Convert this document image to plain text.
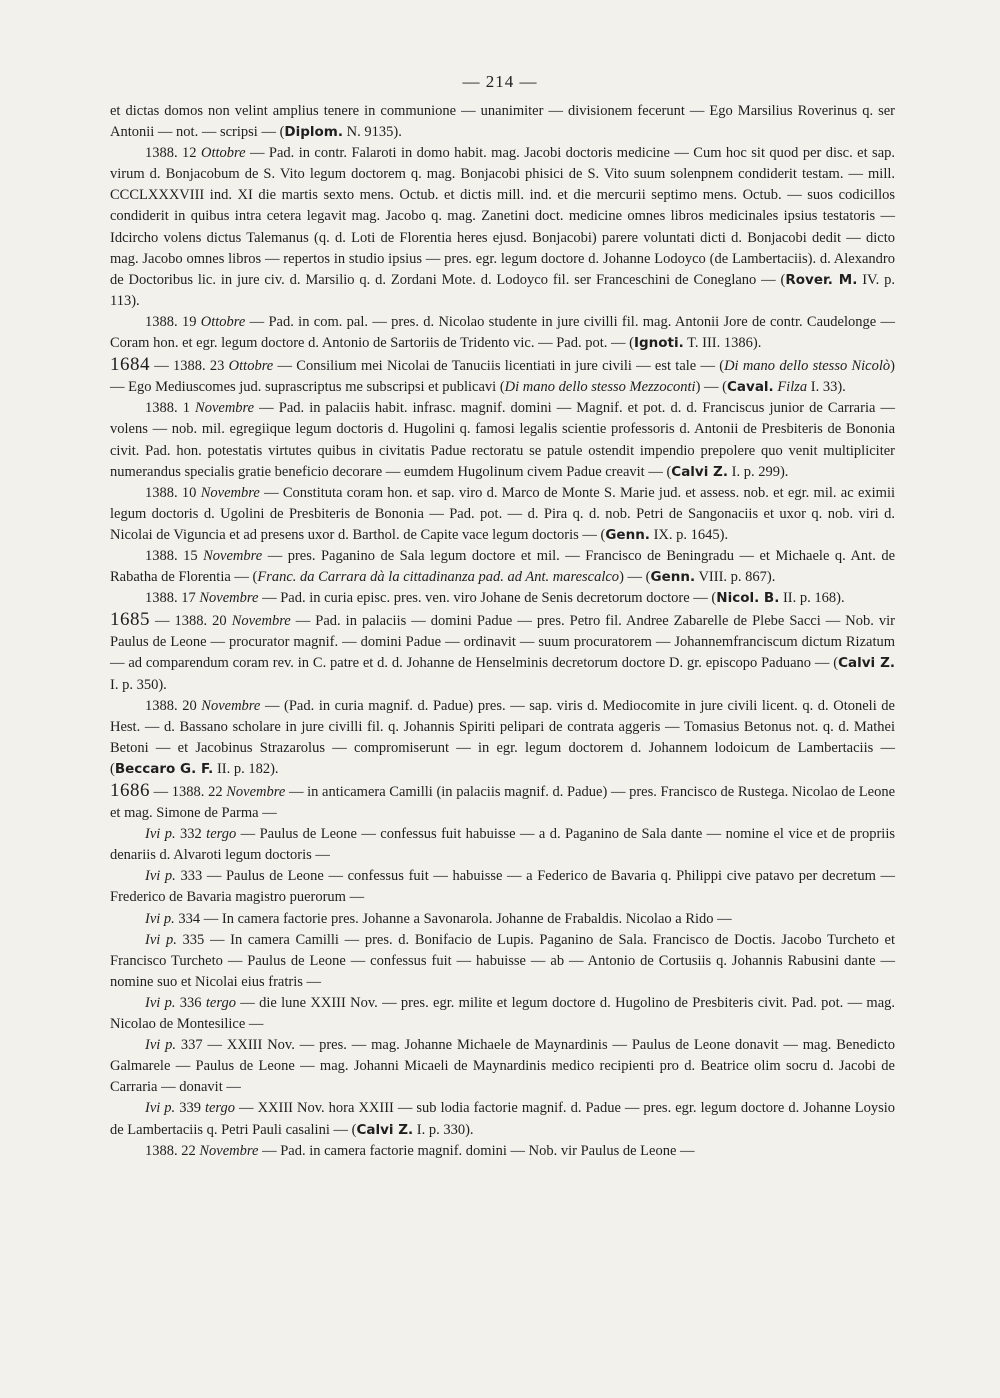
— 214 —

et dictas domos non velint amplius tenere in communione — unanimiter — divisionem fecerunt — Ego Marsilius Roverinus q. ser Antonii — not. — scripsi — (Diplom. N. 9135).

1388. 12 Ottobre — Pad. in contr. Falaroti in domo habit. mag. Jacobi doctoris medicine — Cum hoc sit quod per disc. et sap. virum d. Bonjacobum de S. Vito legum doctorem q. mag. Bonjacobi phisici de S. Vito suum solenpnem condiderit testam. — mill. CCCLXXXVIII ind. XI die martis sexto mens. Octub. et dictis mill. ind. et die mercurii septimo mens. Octub. — suos codicillos condiderit in quibus intra cetera legavit mag. Jacobo q. mag. Zanetini doct. medicine omnes libros medicinales ipsius testatoris — Idcircho volens dictus Talemanus (q. d. Loti de Florentia heres ejusd. Bonjacobi) parere voluntati dicti d. Bonjacobi dedit — dicto mag. Jacobo omnes libros — repertos in studio ipsius — pres. egr. legum doctore d. Johanne Lodoyco (de Lambertaciis). d. Alexandro de Doctoribus lic. in jure civ. d. Marsilio q. d. Zordani Mote. d. Lodoyco fil. ser Franceschini de Coneglano — (Rover. M. IV. p. 113).

1388. 19 Ottobre — Pad. in com. pal. — pres. d. Nicolao studente in jure civilli fil. mag. Antonii Jore de contr. Caudelonge — Coram hon. et egr. legum doctore d. Antonio de Sartoriis de Tridento vic. — Pad. pot. — (Ignoti. T. III. 1386).

1684 — 1388. 23 Ottobre — Consilium mei Nicolai de Tanuciis licentiati in jure civili — est tale — (Di mano dello stesso Nicolò) — Ego Mediuscomes jud. suprascriptus me subscripsi et publicavi (Di mano dello stesso Mezzoconti) — (Caval. Filza I. 33).

1388. 1 Novembre — Pad. in palaciis habit. infrasc. magnif. domini — Magnif. et pot. d. d. Franciscus junior de Carraria — volens — nob. mil. egregiique legum doctoris d. Hugolini q. famosi legalis scientie professoris d. Antonii de Presbiteris de Bononia civit. Pad. hon. potestatis virtutes quibus in civitatis Padue rectoratu se patule ostendit impendio prepolere quo venit multipliciter numerandus specialis gratie beneficio decorare — eumdem Hugolinum civem Padue creavit — (Calvi Z. I. p. 299).

1388. 10 Novembre — Constituta coram hon. et sap. viro d. Marco de Monte S. Marie jud. et assess. nob. et egr. mil. ac eximii legum doctoris d. Ugolini de Presbiteris de Bononia — Pad. pot. — d. Pira q. d. nob. Petri de Sangonaciis et uxor q. nob. viri d. Nicolai de Viguncia et ad presens uxor d. Barthol. de Capite vace legum doctoris — (Genn. IX. p. 1645).

1388. 15 Novembre — pres. Paganino de Sala legum doctore et mil. — Francisco de Beningradu — et Michaele q. Ant. de Rabatha de Florentia — (Franc. da Carrara dà la cittadinanza pad. ad Ant. marescalco) — (Genn. VIII. p. 867).

1388. 17 Novembre — Pad. in curia episc. pres. ven. viro Johane de Senis decretorum doctore — (Nicol. B. II. p. 168).

1685 — 1388. 20 Novembre — Pad. in palaciis — domini Padue — pres. Petro fil. Andree Zabarelle de Plebe Sacci — Nob. vir Paulus de Leone — procurator magnif. — domini Padue — ordinavit — suum procuratorem — Johannemfranciscum dictum Rizatum — ad comparendum coram rev. in C. patre et d. d. Johanne de Henselminis decretorum doctore D. gr. episcopo Paduano — (Calvi Z. I. p. 350).

1388. 20 Novembre — (Pad. in curia magnif. d. Padue) pres. — sap. viris d. Mediocomite in jure civili licent. q. d. Otoneli de Hest. — d. Bassano scholare in jure civilli fil. q. Johannis Spiriti pelipari de contrata aggeris — Tomasius Betonus not. q. d. Mathei Betoni — et Jacobinus Strazarolus — compromiserunt — in egr. legum doctorem d. Johannem lodoicum de Lambertaciis — (Beccaro G. F. II. p. 182).

1686 — 1388. 22 Novembre — in anticamera Camilli (in palaciis magnif. d. Padue) — pres. Francisco de Rustega. Nicolao de Leone et mag. Simone de Parma —

Ivi p. 332 tergo — Paulus de Leone — confessus fuit habuisse — a d. Paganino de Sala dante — nomine el vice et de propriis denariis d. Alvaroti legum doctoris —

Ivi p. 333 — Paulus de Leone — confessus fuit — habuisse — a Federico de Bavaria q. Philippi cive patavo per decretum — Frederico de Bavaria magistro puerorum —

Ivi p. 334 — In camera factorie pres. Johanne a Savonarola. Johanne de Frabaldis. Nicolao a Rido —

Ivi p. 335 — In camera Camilli — pres. d. Bonifacio de Lupis. Paganino de Sala. Francisco de Doctis. Jacobo Turcheto et Francisco Turcheto — Paulus de Leone — confessus fuit — habuisse — ab — Antonio de Cortusiis q. Johannis Rabusini dante — nomine suo et Nicolai eius fratris —

Ivi p. 336 tergo — die lune XXIII Nov. — pres. egr. milite et legum doctore d. Hugolino de Presbiteris civit. Pad. pot. — mag. Nicolao de Montesilice —

Ivi p. 337 — XXIII Nov. — pres. — mag. Johanne Michaele de Maynardinis — Paulus de Leone donavit — mag. Benedicto Galmarele — Paulus de Leone — mag. Johanni Micaeli de Maynardinis medico recipienti pro d. Beatrice olim socru d. Jacobi de Carraria — donavit —

Ivi p. 339 tergo — XXIII Nov. hora XXIII — sub lodia factorie magnif. d. Padue — pres. egr. legum doctore d. Johanne Loysio de Lambertaciis q. Petri Pauli casalini — (Calvi Z. I. p. 330).

1388. 22 Novembre — Pad. in camera factorie magnif. domini — Nob. vir Paulus de Leone —
